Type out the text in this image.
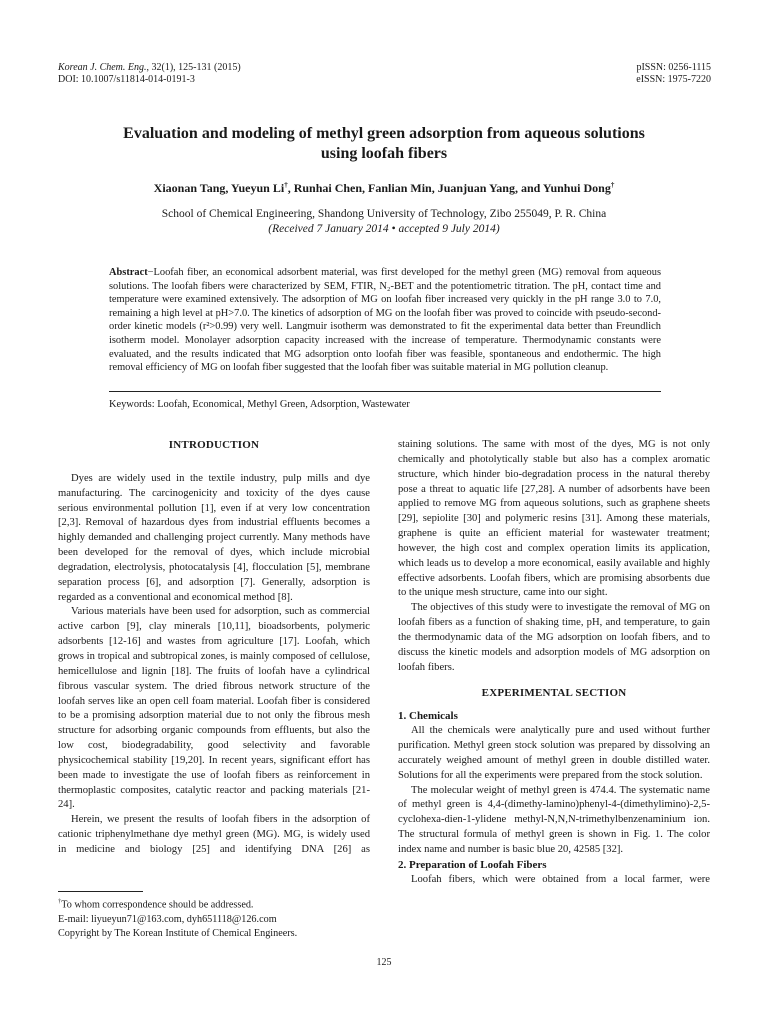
Korean J. Chem. Eng., 32(1), 125-131 (2015)
DOI: 10.1007/s11814-014-0191-3
pISSN: 0256-1115
eISSN: 1975-7220
Evaluation and modeling of methyl green adsorption from aqueous solutions
using loofah fibers
Xiaonan Tang, Yueyun Li†, Runhai Chen, Fanlian Min, Juanjuan Yang, and Yunhui Dong†
School of Chemical Engineering, Shandong University of Technology, Zibo 255049, P. R. China
(Received 7 January 2014 • accepted 9 July 2014)
Abstract−Loofah fiber, an economical adsorbent material, was first developed for the methyl green (MG) removal from aqueous solutions. The loofah fibers were characterized by SEM, FTIR, N₂-BET and the potentiometric titration. The pH, contact time and temperature were examined extensively. The adsorption of MG on loofah fiber increased very quickly in the pH range 3.0 to 7.0, remaining a high level at pH>7.0. The kinetics of adsorption of MG on the loofah fiber was proved to coincide with pseudo-second-order kinetic models (r²>0.99) very well. Langmuir isotherm was demonstrated to fit the experimental data better than Freundlich isotherm model. Monolayer adsorption capacity increased with the increase of temperature. Thermodynamic constants were evaluated, and the results indicated that MG adsorption onto loofah fiber was feasible, spontaneous and endothermic. The high removal efficiency of MG on loofah fiber suggested that the loofah fiber was suitable material in MG pollution cleanup.
Keywords: Loofah, Economical, Methyl Green, Adsorption, Wastewater
INTRODUCTION

Dyes are widely used in the textile industry, pulp mills and dye manufacturing. The carcinogenicity and toxicity of the dyes cause serious environmental pollution [1], even if at very low concentration [2,3]. Removal of hazardous dyes from industrial effluents becomes a highly demanded and challenging project currently. Many methods have been developed for the removal of dyes, which include microbial degradation, electrolysis, photocatalysis [4], flocculation [5], membrane separation process [6], and adsorption [7]. Generally, adsorption is regarded as a conventional and economical method [8].

Various materials have been used for adsorption, such as commercial active carbon [9], clay minerals [10,11], bioadsorbents, polymeric adsorbents [12-16] and wastes from agriculture [17]. Loofah, which grows in tropical and subtropical zones, is mainly composed of cellulose, hemicellulose and lignin [18]. The fruits of loofah have a cylindrical fibrous vascular system. The dried fibrous network structure of the loofah serves like an open cell foam material. Loofah fiber is considered to be a promising adsorption material due to not only the fibrous mesh structure for adsorbing organic compounds from effluents, but also the low cost, biodegradability, good selectivity and favorable physicochemical stability [19,20]. In recent years, significant effort has been made to investigate the use of loofah fibers as reinforcement in thermoplastic composites, catalytic reactor and packing materials [21-24].

Herein, we present the results of loofah fibers in the adsorption of cationic triphenylmethane dye methyl green (MG). MG, is widely used in medicine and biology [25] and identifying DNA [26] as

staining solutions. The same with most of the dyes, MG is not only chemically and photolytically stable but also has a complex aromatic structure, which hinder bio-degradation process in the natural thereby pose a threat to aquatic life [27,28]. A number of adsorbents have been applied to remove MG from aqueous solutions, such as graphene sheets [29], sepiolite [30] and polymeric resins [31]. Among these materials, graphene is quite an efficient material for wastewater treatment; however, the high cost and complex operation limits its application, which leads us to develop a more economical, easily available and highly effective adsorbents. Loofah fibers, which are promising absorbents due to the unique mesh structure, came into our sight.

The objectives of this study were to investigate the removal of MG on loofah fibers as a function of shaking time, pH, and temperature, to gain the thermodynamic data of the MG adsorption on loofah fibers, and to discuss the kinetic models and adsorption models of MG adsorption on loofah fibers.

EXPERIMENTAL SECTION
1. Chemicals

All the chemicals were analytically pure and used without further purification. Methyl green stock solution was prepared by dissolving an accurately weighed amount of methyl green in double distilled water. Solutions for all the experiments were prepared from the stock solution.

The molecular weight of methyl green is 474.4. The systematic name of methyl green is 4,4-(dimethy-lamino)phenyl-4-(dimethylimino)-2,5-cyclohexa-dien-1-ylidene methyl-N,N,N-trimethylbenzenaminium ion. The structural formula of methyl green is shown in Fig. 1. The color index name and number is basic blue 20, 42585 [32].

2. Preparation of Loofah Fibers

Loofah fibers, which were obtained from a local farmer, were

†To whom correspondence should be addressed.
E-mail: liyueyun71@163.com, dyh651118@126.com
Copyright by The Korean Institute of Chemical Engineers.
125
